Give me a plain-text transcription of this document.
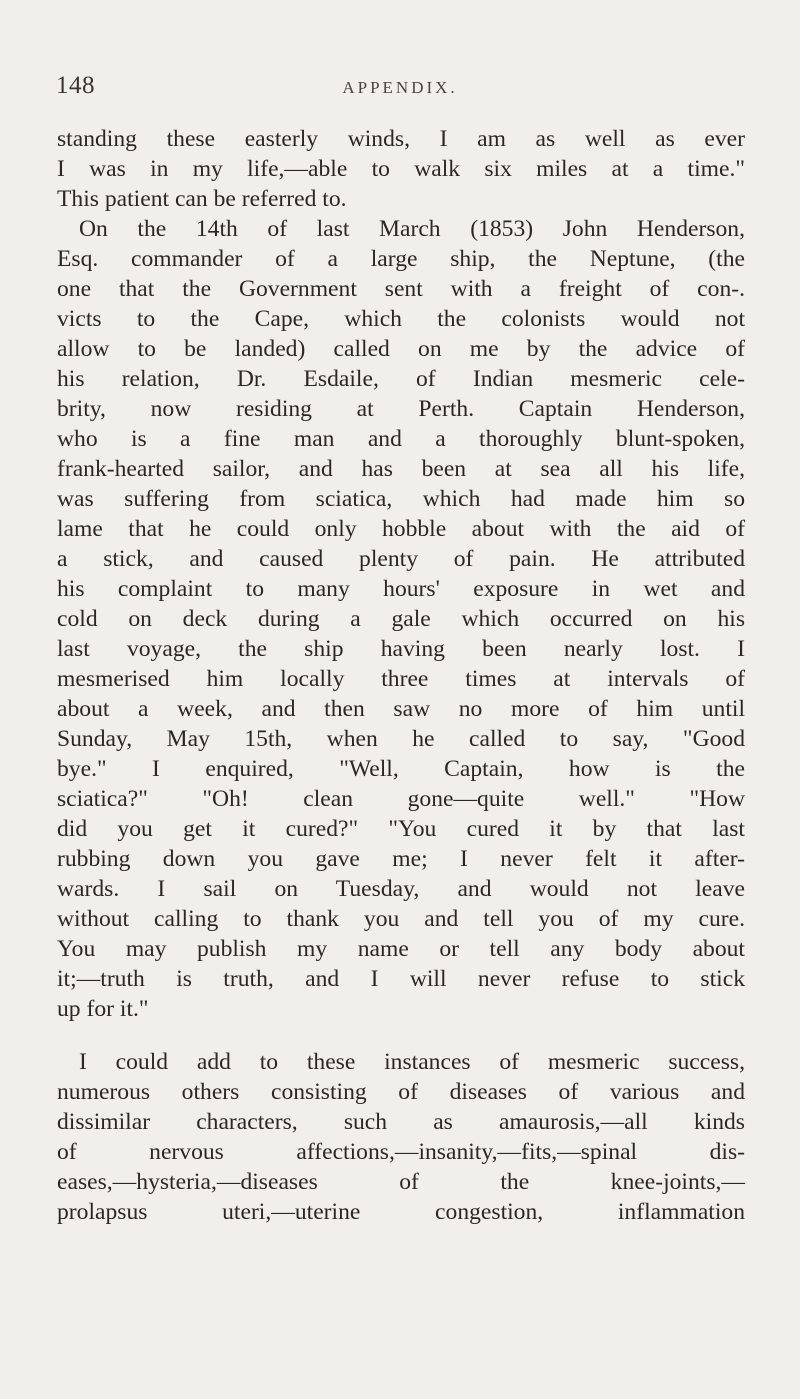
148	APPENDIX.
standing these easterly winds, I am as well as ever
I was in my life,—able to walk six miles at a time."
This patient can be referred to.
On the 14th of last March (1853) John Henderson,
Esq. commander of a large ship, the Neptune, (the
one that the Government sent with a freight of con-.
victs to the Cape, which the colonists would not
allow to be landed) called on me by the advice of
his relation, Dr. Esdaile, of Indian mesmeric cele-
brity, now residing at Perth. Captain Henderson,
who is a fine man and a thoroughly blunt-spoken,
frank-hearted sailor, and has been at sea all his life,
was suffering from sciatica, which had made him so
lame that he could only hobble about with the aid of
a stick, and caused plenty of pain. He attributed
his complaint to many hours' exposure in wet and
cold on deck during a gale which occurred on his
last voyage, the ship having been nearly lost. I
mesmerised him locally three times at intervals of
about a week, and then saw no more of him until
Sunday, May 15th, when he called to say, "Good
bye." I enquired, "Well, Captain, how is the
sciatica?" "Oh! clean gone—quite well." "How
did you get it cured?" "You cured it by that last
rubbing down you gave me; I never felt it after-
wards. I sail on Tuesday, and would not leave
without calling to thank you and tell you of my cure.
You may publish my name or tell any body about
it;—truth is truth, and I will never refuse to stick
up for it."
I could add to these instances of mesmeric success,
numerous others consisting of diseases of various and
dissimilar characters, such as amaurosis,—all kinds
of nervous affections,—insanity,—fits,—spinal dis-
eases,—hysteria,—diseases of the knee-joints,—
prolapsus uteri,—uterine congestion, inflammation
